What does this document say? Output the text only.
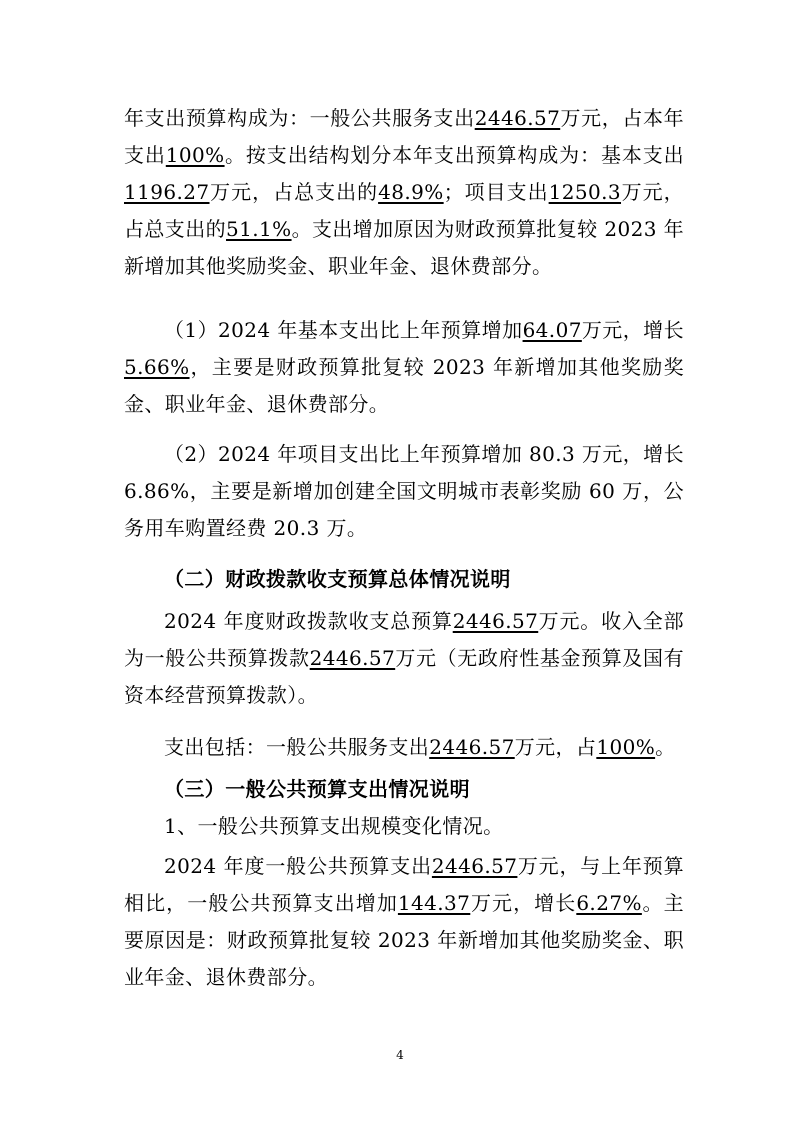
年支出预算构成为：一般公共服务支出2446.57万元，占本年支出100%。按支出结构划分本年支出预算构成为：基本支出1196.27万元，占总支出的48.9%；项目支出1250.3万元，占总支出的51.1%。支出增加原因为财政预算批复较 2023 年新增加其他奖励奖金、职业年金、退休费部分。

（1）2024 年基本支出比上年预算增加64.07万元，增长5.66%，主要是财政预算批复较 2023 年新增加其他奖励奖金、职业年金、退休费部分。

（2）2024 年项目支出比上年预算增加 80.3 万元，增长 6.86%，主要是新增加创建全国文明城市表彰奖励 60 万，公务用车购置经费 20.3 万。

（二）财政拨款收支预算总体情况说明

2024 年度财政拨款收支总预算2446.57万元。收入全部为一般公共预算拨款2446.57万元（无政府性基金预算及国有资本经营预算拨款）。

支出包括：一般公共服务支出2446.57万元，占100%。

（三）一般公共预算支出情况说明

1、一般公共预算支出规模变化情况。

2024 年度一般公共预算支出2446.57万元，与上年预算相比，一般公共预算支出增加144.37万元，增长6.27%。主要原因是：财政预算批复较 2023 年新增加其他奖励奖金、职业年金、退休费部分。

4
